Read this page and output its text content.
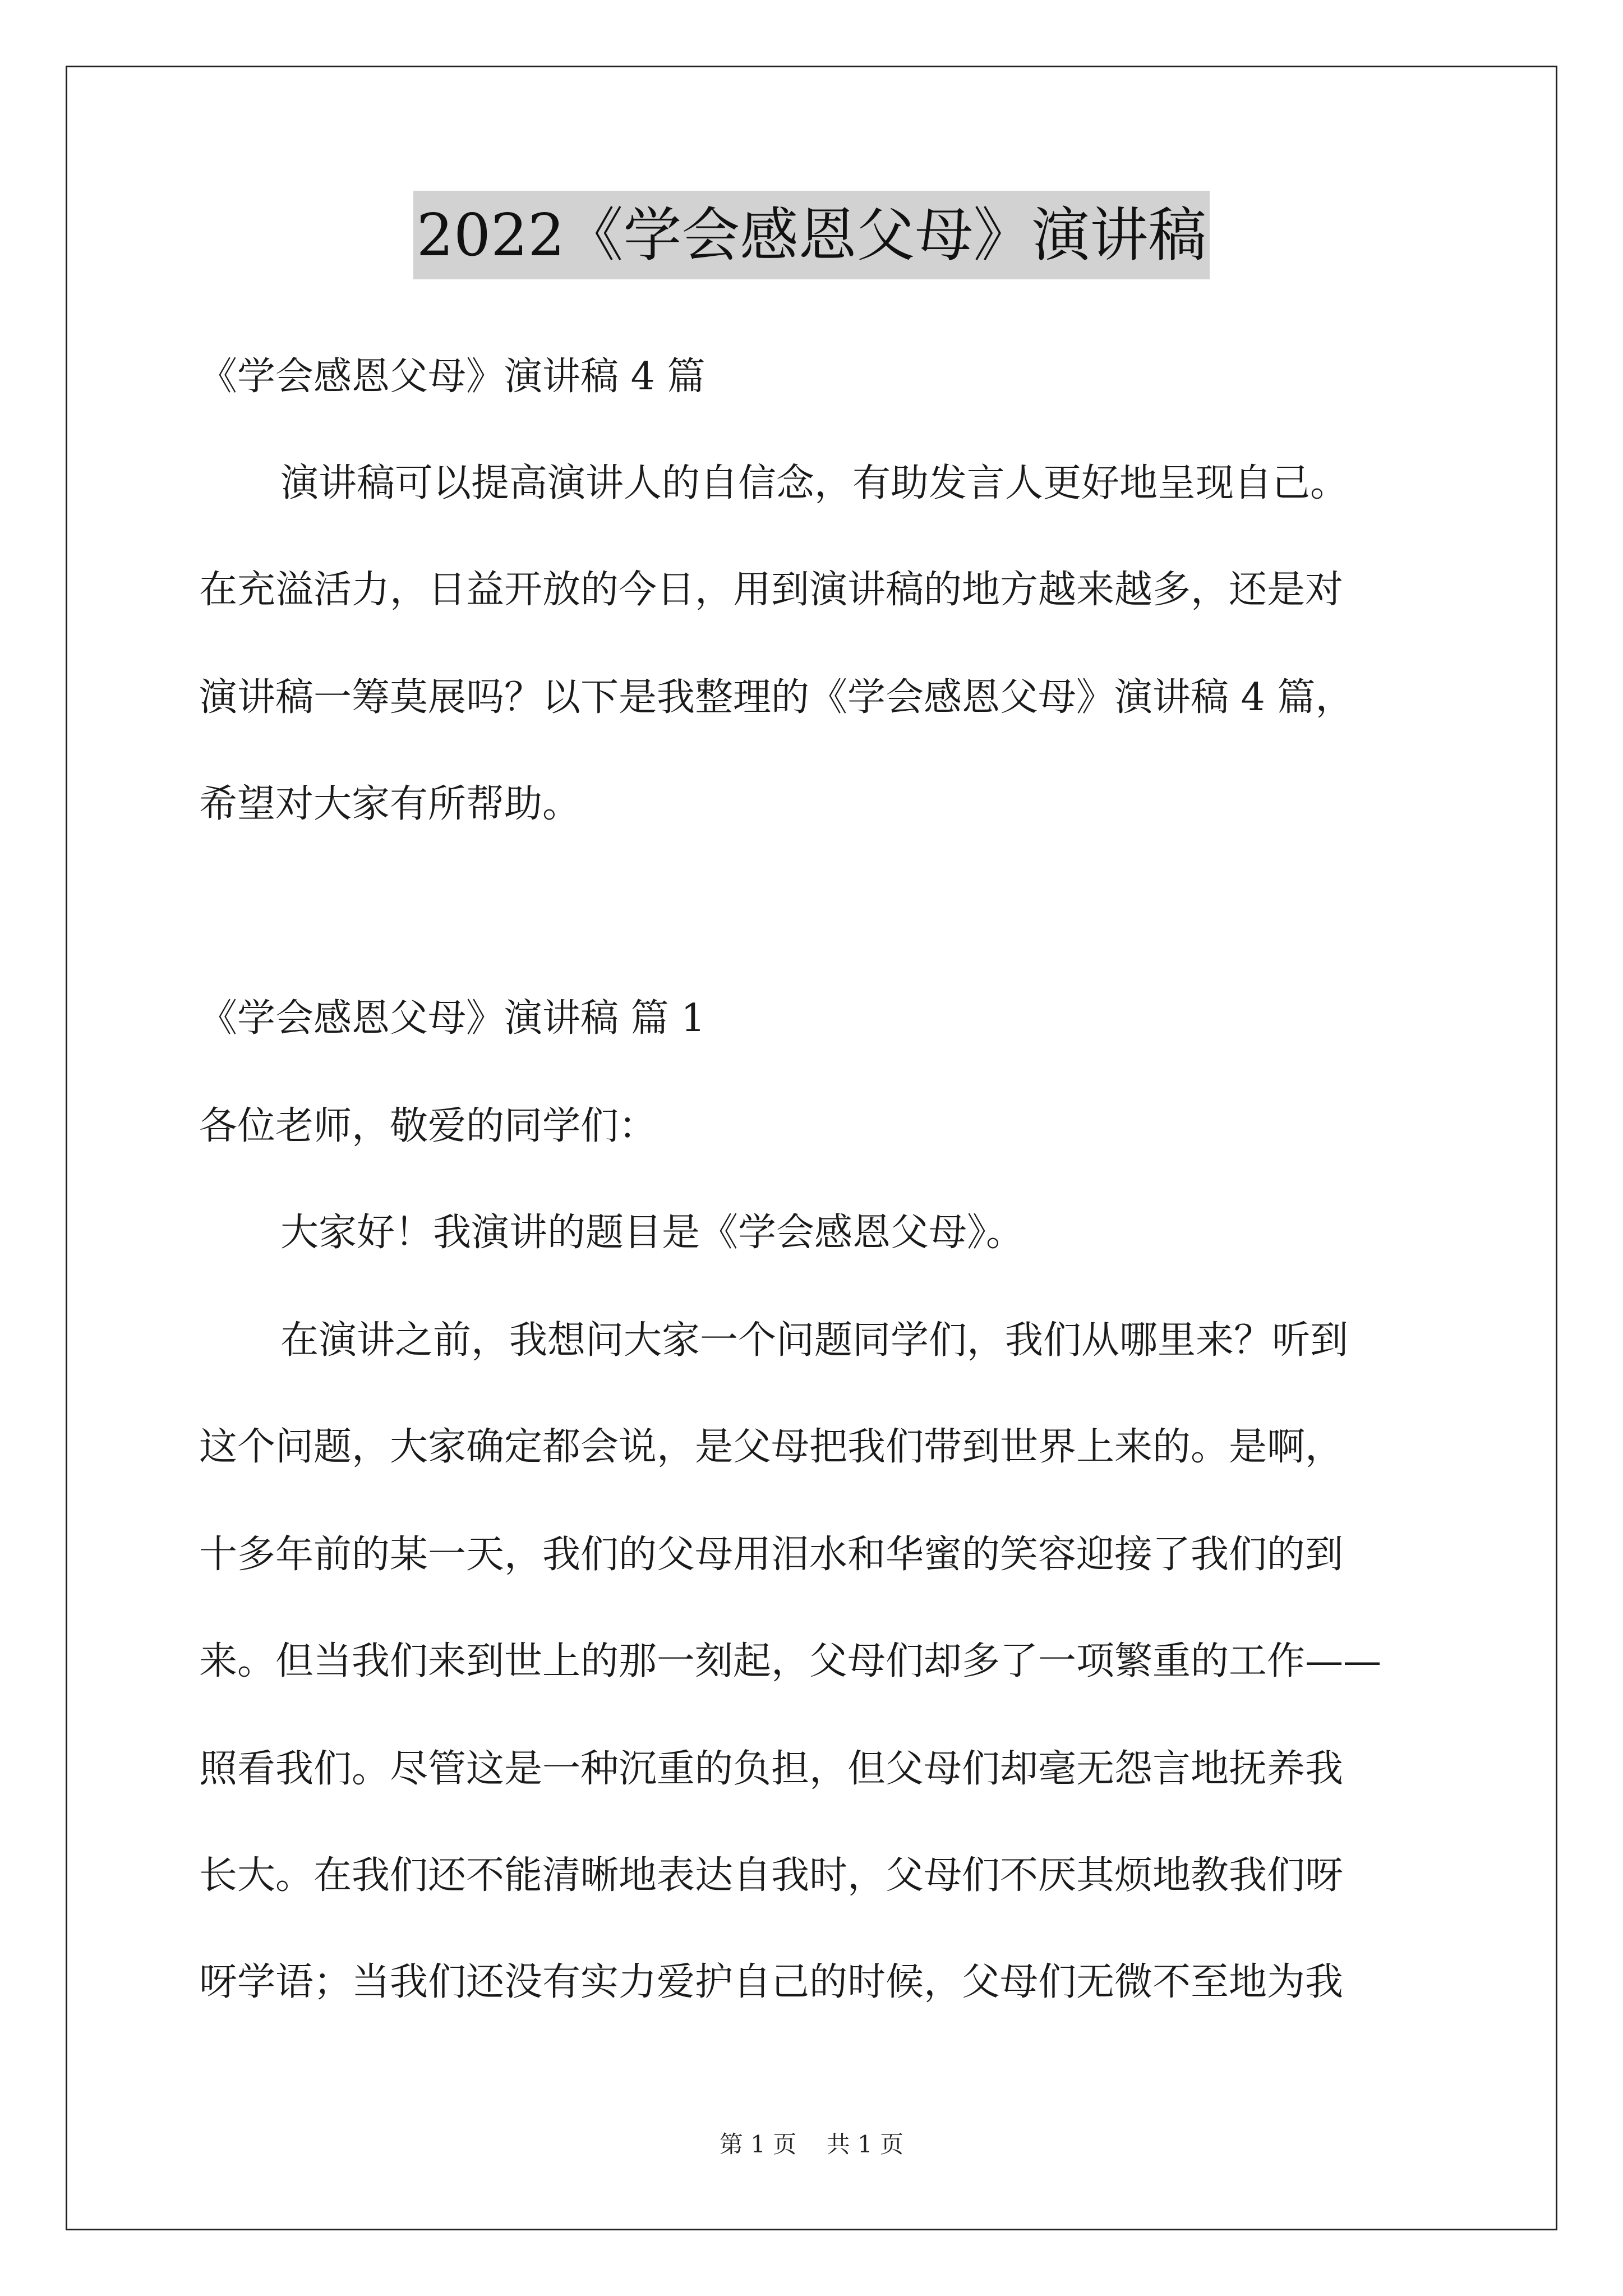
2022《学会感恩父母》演讲稿
《学会感恩父母》演讲稿 4 篇
演讲稿可以提高演讲人的自信念，有助发言人更好地呈现自己。
在充溢活力，日益开放的今日，用到演讲稿的地方越来越多，还是对
演讲稿一筹莫展吗？以下是我整理的《学会感恩父母》演讲稿 4 篇，
希望对大家有所帮助。
《学会感恩父母》演讲稿 篇 1
各位老师，敬爱的同学们：
大家好！我演讲的题目是《学会感恩父母》。
在演讲之前，我想问大家一个问题同学们，我们从哪里来？听到
这个问题，大家确定都会说，是父母把我们带到世界上来的。是啊，
十多年前的某一天，我们的父母用泪水和华蜜的笑容迎接了我们的到
来。但当我们来到世上的那一刻起，父母们却多了一项繁重的工作——
照看我们。尽管这是一种沉重的负担，但父母们却毫无怨言地抚养我
长大。在我们还不能清晰地表达自我时，父母们不厌其烦地教我们呀
呀学语；当我们还没有实力爱护自己的时候，父母们无微不至地为我
第 1 页    共 1 页
